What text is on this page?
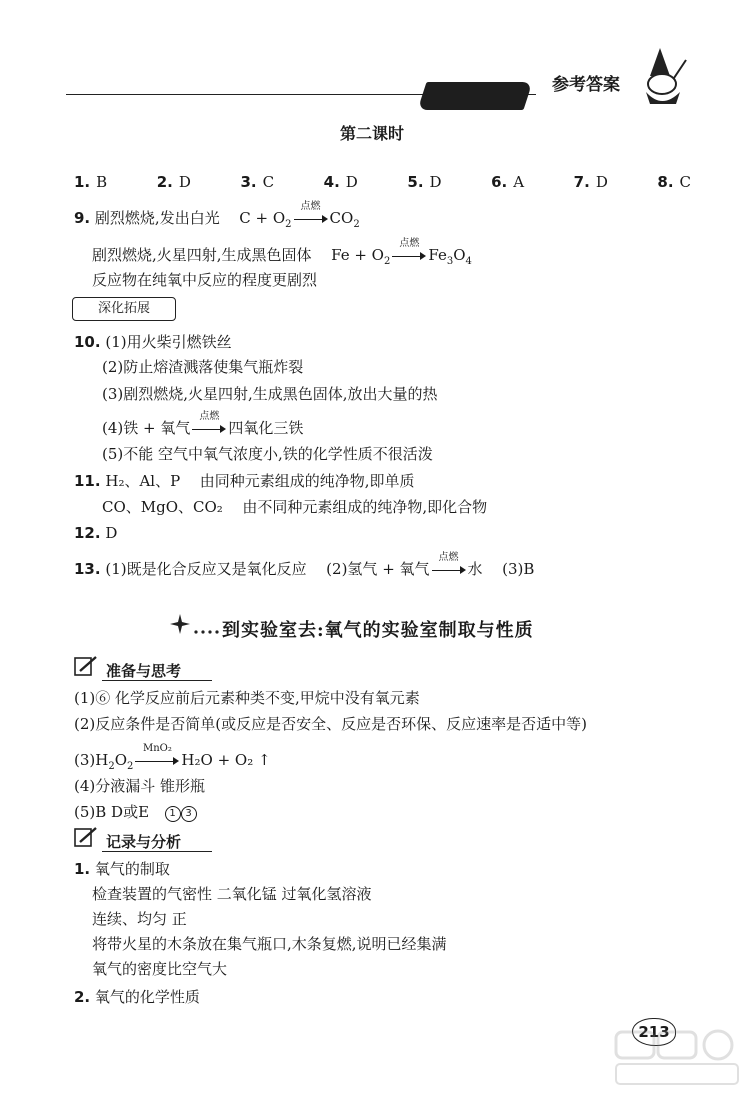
参考答案
第二课时
1. B	2. D	3. C	4. D	5. D	6. A	7. D	8. C
9. 剧烈燃烧,发出白光 $C + O_2$
点燃
$CO_2$
剧烈燃烧,火星四射,生成黑色固体 $Fe + O_2$
点燃
$Fe_3O_4$
反应物在纯氧中反应的程度更剧烈
深化拓展
10. (1)用火柴引燃铁丝
(2)防止熔渣溅落使集气瓶炸裂
(3)剧烈燃烧,火星四射,生成黑色固体,放出大量的热
(4)铁 + 氧气
点燃
四氧化三铁
(5)不能 空气中氧气浓度小,铁的化学性质不很活泼
11. H₂、Al、P 由同种元素组成的纯净物,即单质
CO、MgO、CO₂ 由不同种元素组成的纯净物,即化合物
12. D
13. (1)既是化合反应又是氧化反应 (2)氢气 + 氧气
点燃
水 (3)B
到实验室去:氧气的实验室制取与性质
准备与思考
(1)⑥ 化学反应前后元素种类不变,甲烷中没有氧元素
(2)反应条件是否简单(或反应是否安全、反应是否环保、反应速率是否适中等)
$(3)H_2O_2$
MnO₂
H₂O + O₂ ↑
(4)分液漏斗 锥形瓶
(5)B D或E 1 3
记录与分析
1. 氧气的制取
检查装置的气密性 二氧化锰 过氧化氢溶液
连续、均匀 正
将带火星的木条放在集气瓶口,木条复燃,说明已经集满
氧气的密度比空气大
2. 氧气的化学性质
213
